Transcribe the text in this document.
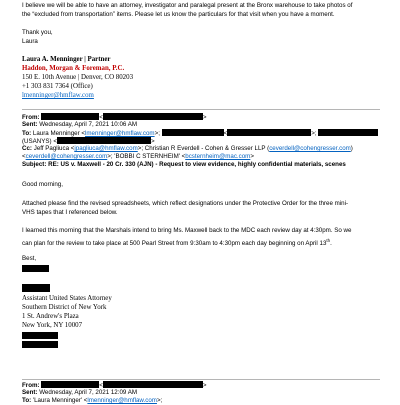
I believe we will be able to have an attorney, investigator and paralegal present at the Bronx warehouse to take photos of

the “excluded from transportation” items. Please let us know the particulars for that visit when you have a moment.

Thank you,

Laura

Laura A. Menninger | Partner

Haddon, Morgan & Foreman, P.C.

150 E. 10th Avenue | Denver, CO 80203

+1 303 831 7364 (Office)

lmenninger@hmflaw.com

From:	<	>

Sent: Wednesday, April 7, 2021 10:06 AM

To: Laura Menninger <lmenninger@hmflaw.com>;	<	>;

(USANYS) <	>

Cc: Jeff Pagliuca <jpagliuca@hmflaw.com>; Christian R Everdell - Cohen & Gresser LLP (ceverdell@cohengresser.com)

<ceverdell@cohengresser.com>; 'BOBBI C STERNHEIM' <bcsternheim@mac.com>

Subject: RE: US v. Maxwell - 20 Cr. 330 (AJN) - Request to view evidence, highly confidential materials, scenes

Good morning,

Attached please find the revised spreadsheets, which reflect designations under the Protective Order for the three mini-

VHS tapes that I referenced below.

I learned this morning that the Marshals intend to bring Ms. Maxwell back to the MDC each review day at 4:30pm. So we

can plan for the review to take place at 500 Pearl Street from 9:30am to 4:30pm each day beginning on April 13th.

Best,

Assistant United States Attorney

Southern District of New York

1 St. Andrew's Plaza

New York, NY 10007

From:	<	>

Sent: Wednesday, April 7, 2021 12:09 AM

To: 'Laura Menninger' <lmenninger@hmflaw.com>;
